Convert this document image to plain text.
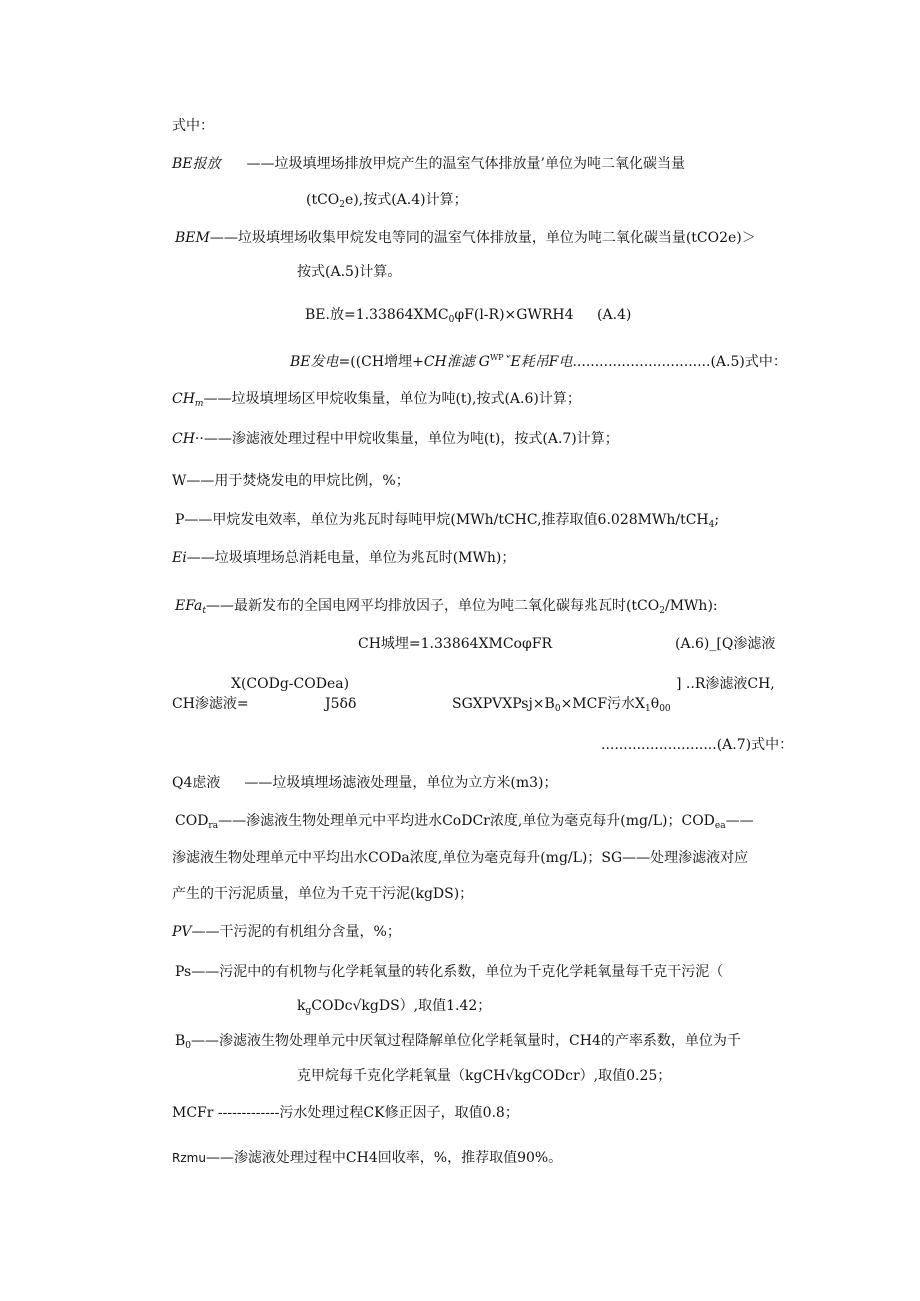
式中：
BE报放 ——垃圾填埋场排放甲烷产生的温室气体排放量’单位为吨二氧化碳当量
(tCO$_2$e),按式(A.4)计算；
BEM——垃圾填埋场收集甲烷发电等同的温室气体排放量，单位为吨二氧化碳当量(tCO2e)＞
按式(A.5)计算。
BE.放$=1.33864XMC_0\varphi F(l-R)\times GWRH4$ (A.4)
BE发电=((CH增埋+CH淮滤 $G^{WP}ˇE$耗吊F电...............................(A.5)式中：
$CH_m——$垃圾填埋场区甲烷收集量，单位为吨(t),按式(A.6)计算；
CH··——渗滤液处理过程中甲烷收集量，单位为吨(t)，按式(A.7)计算；
W——用于焚烧发电的甲烷比例，%；
P——甲烷发电效率，单位为兆瓦时每吨甲烷(MWh/tCHC,推荐取值6.028MWh/tCH$_4$;
Ei——垃圾填埋场总消耗电量，单位为兆瓦时(MWh)；
EFa$_t$——最新发布的全国电网平均排放因子，单位为吨二氧化碳每兆瓦时(tCO$_2$/MWh):
CH城埋=1.33864XMCoφFR	(A.6)_[Q渗滤液
X(CODg-CODea)	] ..R渗滤液CH,
CH渗滤液=	J5δδ	$SGXPVXPsj\times B_0\times MCF$污水$X_1\theta_{00}$
..........................(A.7)式中：
Q4虑液 ——垃圾填埋场滤液处理量，单位为立方米(m3)；
$COD_{ra}——$渗滤液生物处理单元中平均进水CoDCr浓度,单位为毫克每升(mg/L)；$COD_{ea}——$
渗滤液生物处理单元中平均出水CODa浓度,单位为毫克每升(mg/L)；SG——处理渗滤液对应
产生的干污泥质量，单位为千克干污泥(kgDS)；
PV——干污泥的有机组分含量，%；
Ps——污泥中的有机物与化学耗氧量的转化系数，单位为千克化学耗氧量每千克干污泥（
$k_gCODc√kgDS$）,取值1.42；
$B_0——$渗滤液生物处理单元中厌氧过程降解单位化学耗氧量时，CH4的产率系数，单位为千
克甲烷每千克化学耗氧量（kgCH√kgCODcr）,取值0.25；
MCFr -------------污水处理过程CK修正因子，取值0.8；
Rzmu——渗滤液处理过程中CH4回收率，%，推荐取值90%。
